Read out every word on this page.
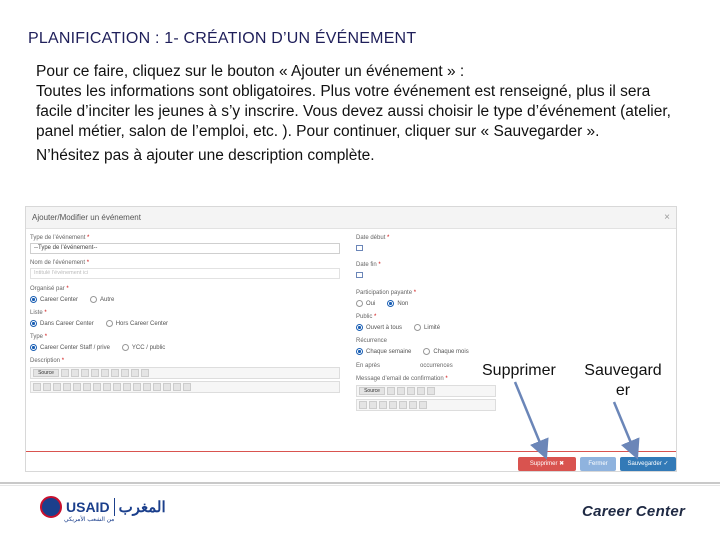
PLANIFICATION : 1- CRÉATION D’UN ÉVÉNEMENT

Pour ce faire, cliquez sur le bouton « Ajouter un événement » :

Toutes les informations sont obligatoires. Plus votre événement est renseigné, plus il sera facile d’inciter les jeunes à s’y inscrire. Vous devez aussi choisir le type d’événement (atelier, panel métier, salon de l’emploi, etc. ). Pour continuer, cliquer sur « Sauvegarder ».

N’hésitez pas à ajouter une description complète.

Ajouter/Modifier un événement	×
Type de l’événement *
--Type de l’événement--
Nom de l’événement *
Intitulé l’événement ici
Organisé par *
Career Center	Autre
Liste *
Dans Career Center	Hors Career Center
Type *
Career Center Staff / prive	YCC / public
Description *
Source
Date début *
Date fin *
Participation payante *
Oui	Non
Public *
Ouvert à tous	Limité
Récurrence
Chaque semaine	Chaque mois
En après	occurrences
Message d’email de confirmation *
Source
Supprimer ✖	Fermer	Sauvegarder ✓
Supprimer	Sauvegard
er
USAID المغرب
من الشعب الأمريكي	Career Center
